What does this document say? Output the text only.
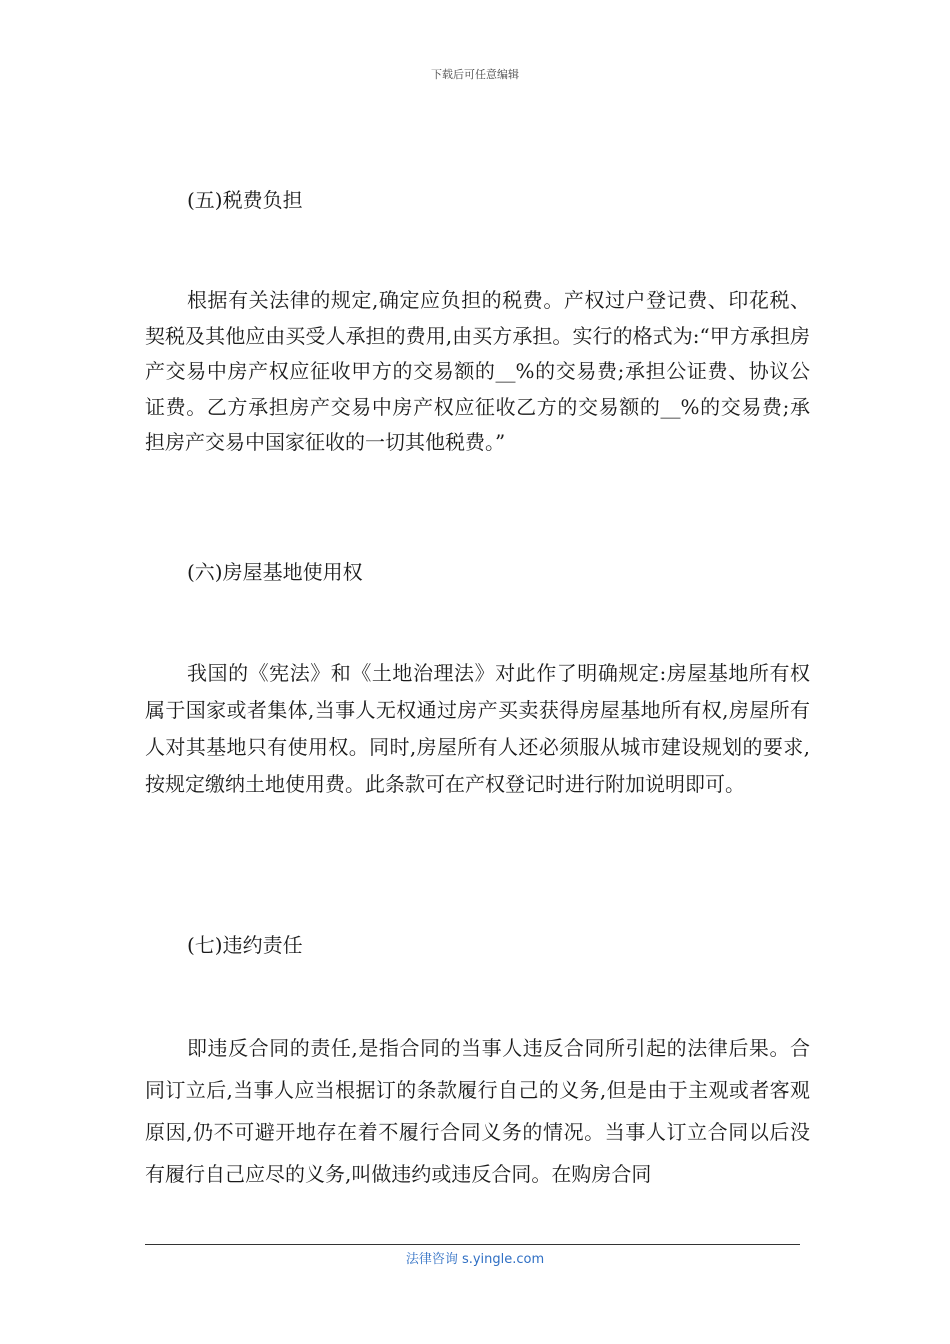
下载后可任意编辑
(五)税费负担
根据有关法律的规定,确定应负担的税费。产权过户登记费、印花税、契税及其他应由买受人承担的费用,由买方承担。实行的格式为:“甲方承担房产交易中房产权应征收甲方的交易额的__%的交易费;承担公证费、协议公证费。乙方承担房产交易中房产权应征收乙方的交易额的__%的交易费;承担房产交易中国家征收的一切其他税费。”
(六)房屋基地使用权
我国的《宪法》和《土地治理法》对此作了明确规定:房屋基地所有权属于国家或者集体,当事人无权通过房产买卖获得房屋基地所有权,房屋所有人对其基地只有使用权。同时,房屋所有人还必须服从城市建设规划的要求,按规定缴纳土地使用费。此条款可在产权登记时进行附加说明即可。
(七)违约责任
即违反合同的责任,是指合同的当事人违反合同所引起的法律后果。合同订立后,当事人应当根据订的条款履行自己的义务,但是由于主观或者客观原因,仍不可避开地存在着不履行合同义务的情况。当事人订立合同以后没有履行自己应尽的义务,叫做违约或违反合同。在购房合同
法律咨询 s.yingle.com
